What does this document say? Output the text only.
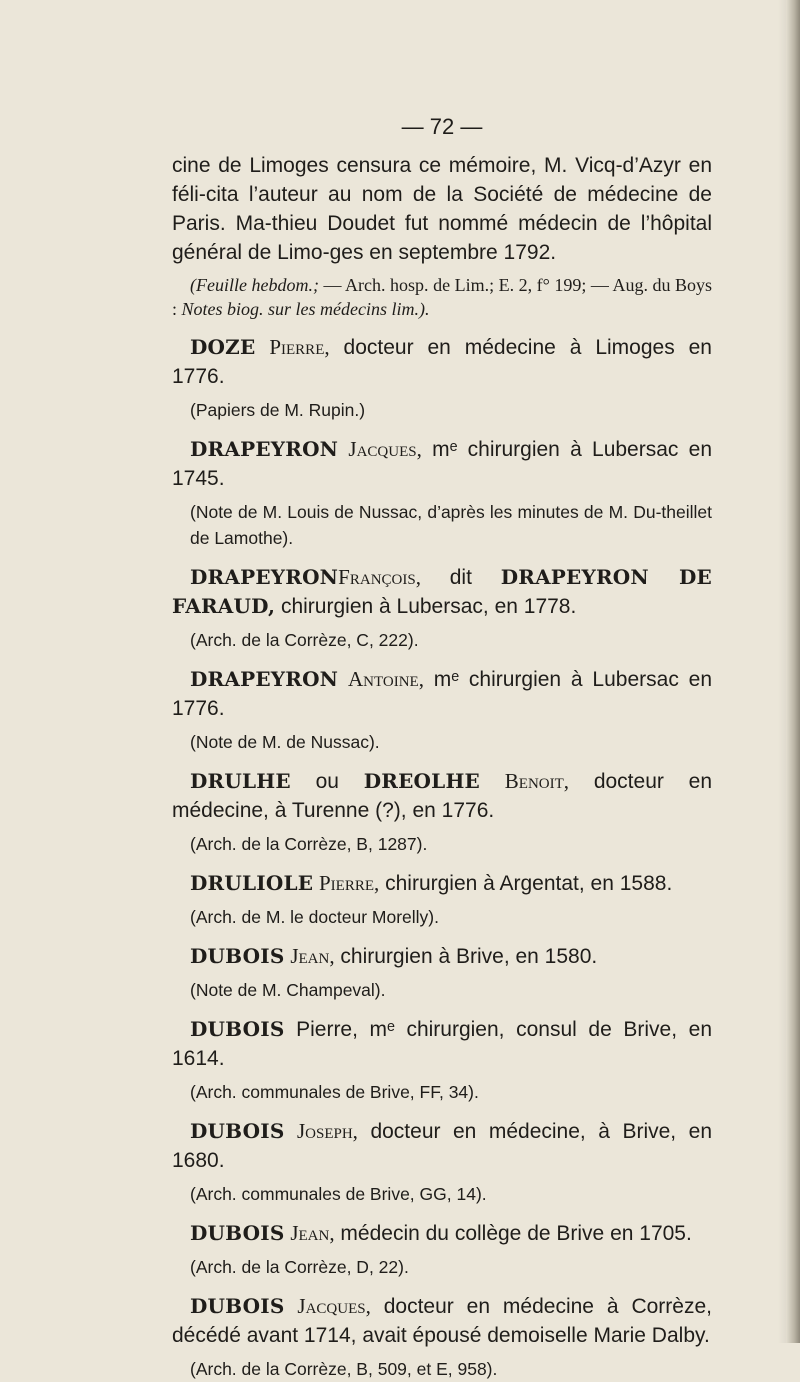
— 72 —

cine de Limoges censura ce mémoire, M. Vicq-d’Azyr en féli-cita l’auteur au nom de la Société de médecine de Paris. Ma-thieu Doudet fut nommé médecin de l’hôpital général de Limo-ges en septembre 1792.

(Feuille hebdom.; — Arch. hosp. de Lim.; E. 2, f° 199; — Aug. du Boys : Notes biog. sur les médecins lim.).

DOZE Pierre, docteur en médecine à Limoges en 1776.

(Papiers de M. Rupin.)

DRAPEYRON Jacques, mᵉ chirurgien à Lubersac en 1745.

(Note de M. Louis de Nussac, d’après les minutes de M. Du-theillet de Lamothe).

DRAPEYRONFrançois, dit DRAPEYRON DE FARAUD, chirurgien à Lubersac, en 1778.

(Arch. de la Corrèze, C, 222).

DRAPEYRON Antoine, mᵉ chirurgien à Lubersac en 1776.

(Note de M. de Nussac).

DRULHE ou DREOLHE Benoit, docteur en médecine, à Turenne (?), en 1776.

(Arch. de la Corrèze, B, 1287).

DRULIOLE Pierre, chirurgien à Argentat, en 1588.

(Arch. de M. le docteur Morelly).

DUBOIS Jean, chirurgien à Brive, en 1580.

(Note de M. Champeval).

DUBOIS Pierre, mᵉ chirurgien, consul de Brive, en 1614.

(Arch. communales de Brive, FF, 34).

DUBOIS Joseph, docteur en médecine, à Brive, en 1680.

(Arch. communales de Brive, GG, 14).

DUBOIS Jean, médecin du collège de Brive en 1705.

(Arch. de la Corrèze, D, 22).

DUBOIS Jacques, docteur en médecine à Corrèze, décédé avant 1714, avait épousé demoiselle Marie Dalby.

(Arch. de la Corrèze, B, 509, et E, 958).
